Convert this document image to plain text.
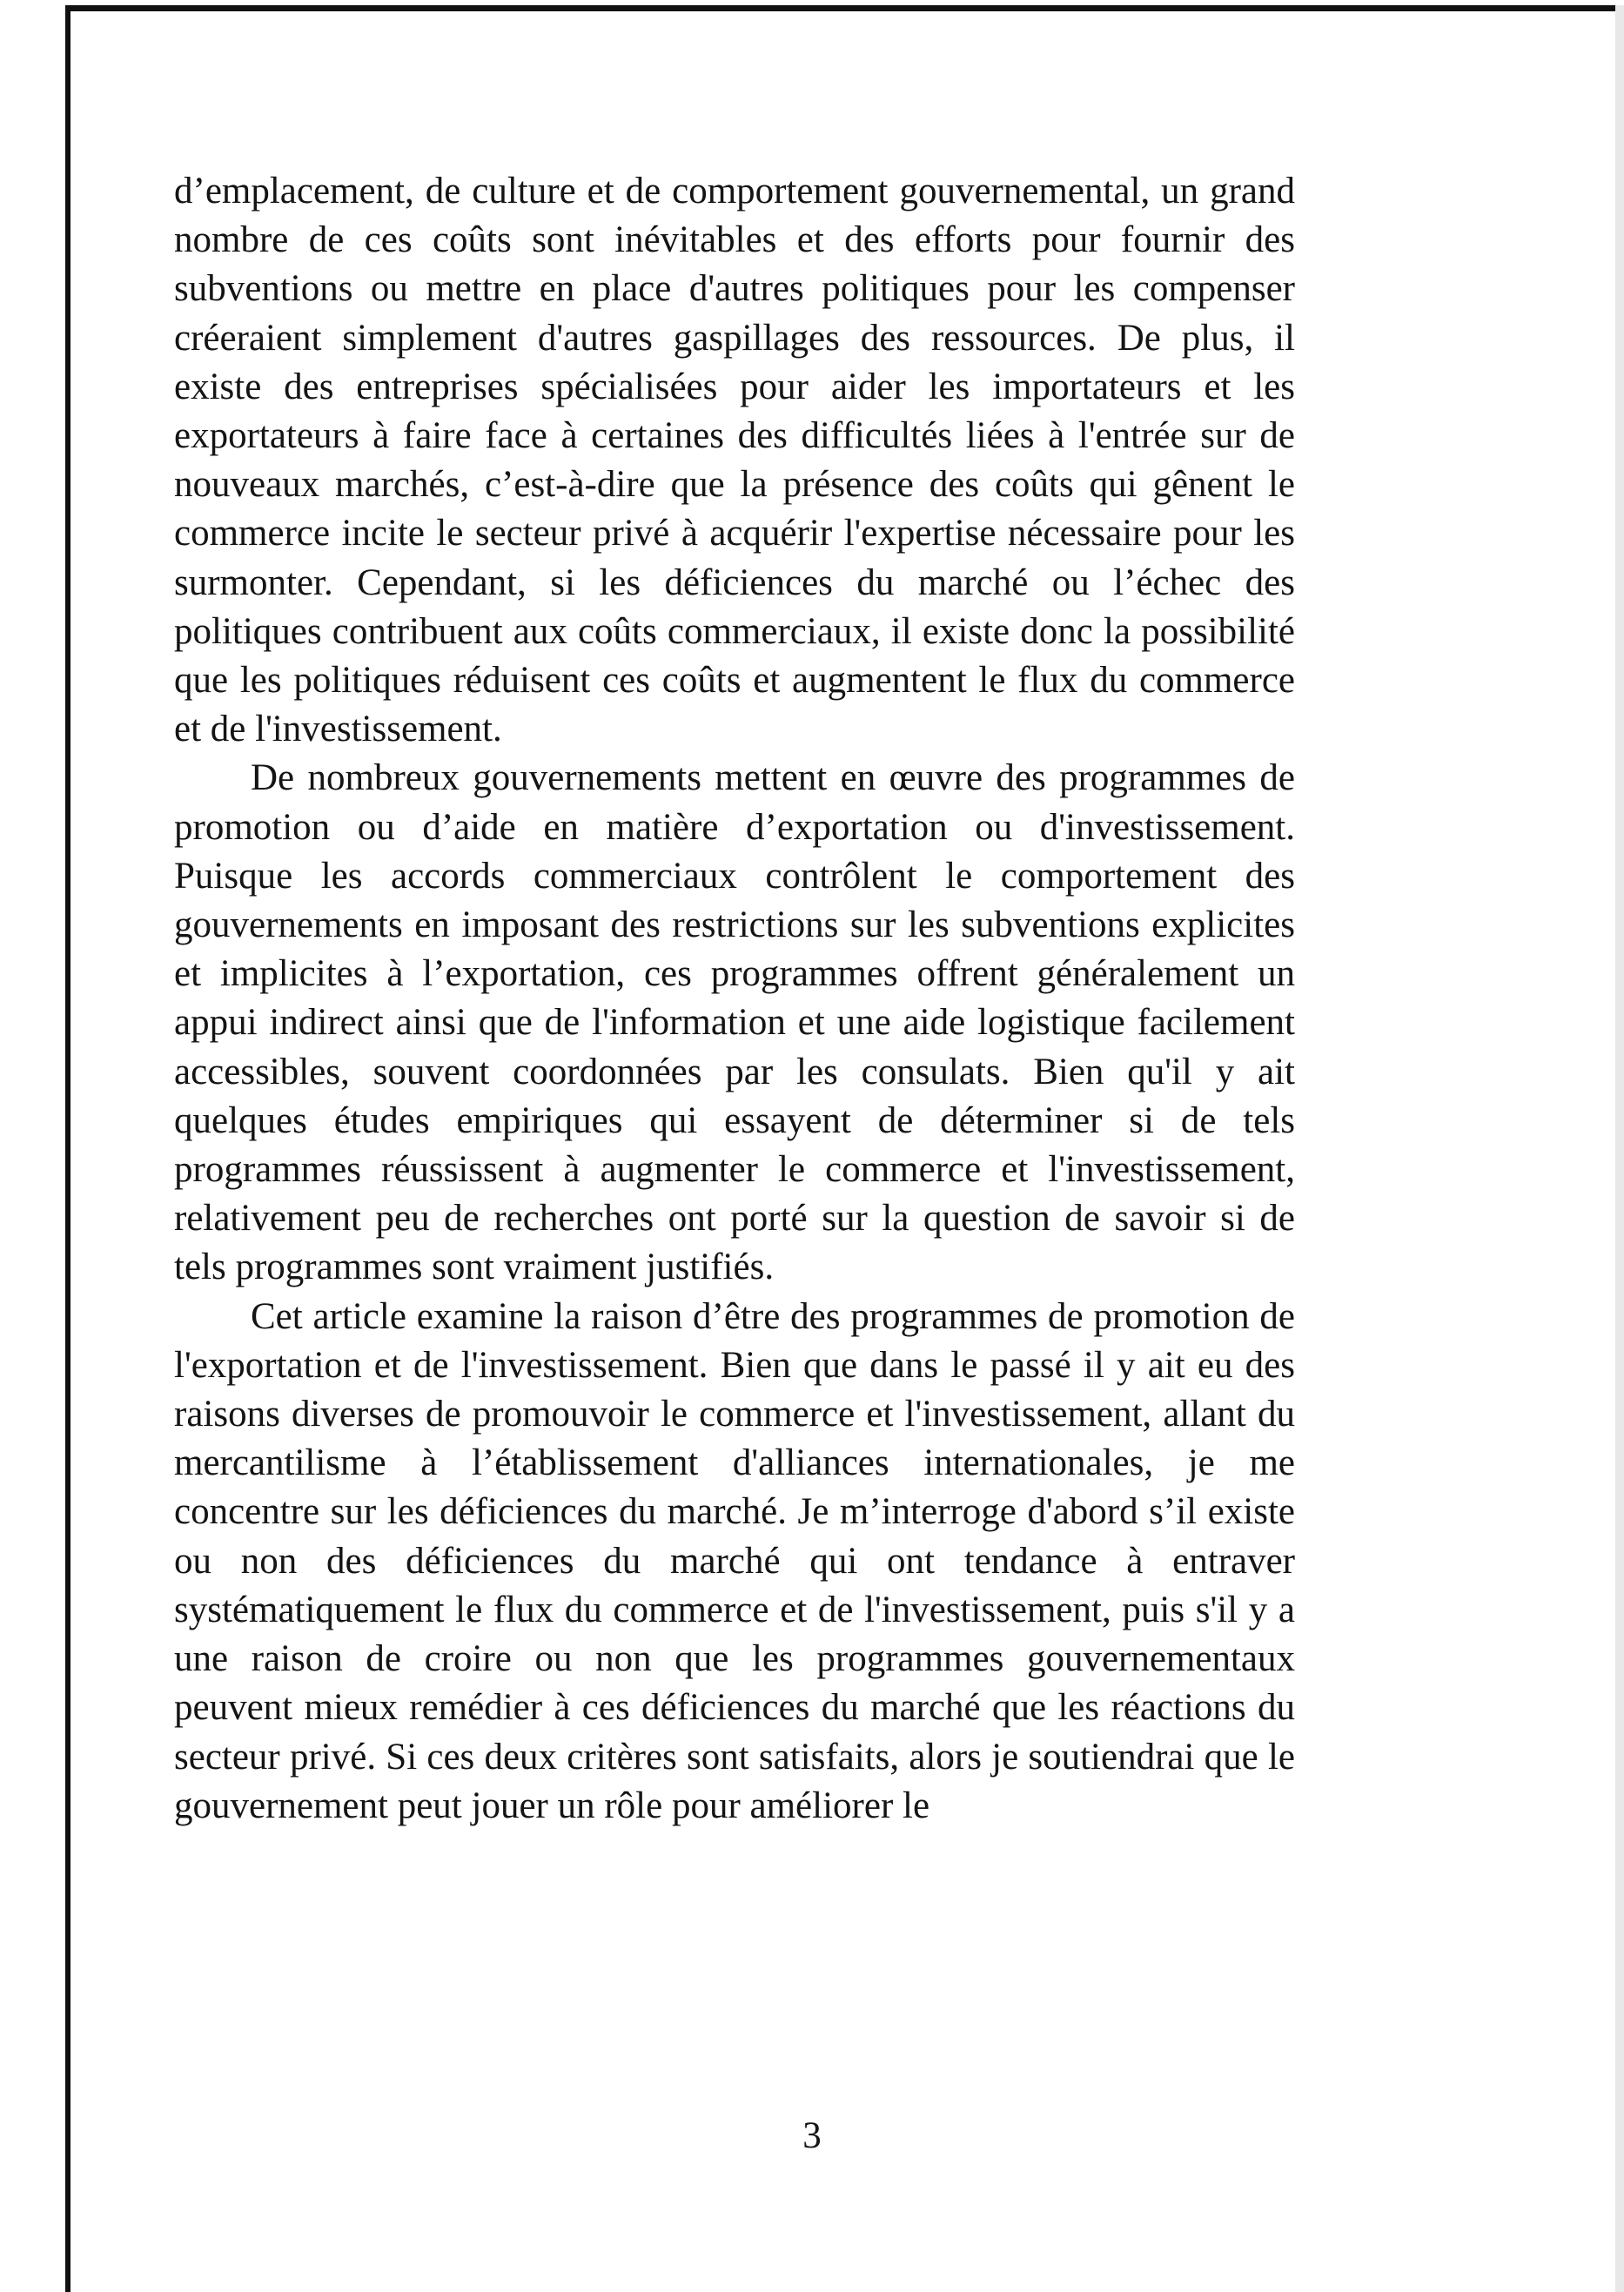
d’emplacement, de culture et de comportement gouvernemental, un grand nombre de ces coûts sont inévitables et des efforts pour fournir des subventions ou mettre en place d'autres politiques pour les compenser créeraient simplement d'autres gaspillages des ressources. De plus, il existe des entreprises spécialisées pour aider les importateurs et les exportateurs à faire face à certaines des difficultés liées à l'entrée sur de nouveaux marchés, c’est-à-dire que la présence des coûts qui gênent le commerce incite le secteur privé à acquérir l'expertise nécessaire pour les surmonter. Cependant, si les déficiences du marché ou l’échec des politiques contribuent aux coûts commerciaux, il existe donc la possibilité que les politiques réduisent ces coûts et augmentent le flux du commerce et de l'investissement.

De nombreux gouvernements mettent en œuvre des programmes de promotion ou d’aide en matière d’exportation ou d'investissement. Puisque les accords commerciaux contrôlent le comportement des gouvernements en imposant des restrictions sur les subventions explicites et implicites à l’exportation, ces programmes offrent généralement un appui indirect ainsi que de l'information et une aide logistique facilement accessibles, souvent coordonnées par les consulats. Bien qu'il y ait quelques études empiriques qui essayent de déterminer si de tels programmes réussissent à augmenter le commerce et l'investissement, relativement peu de recherches ont porté sur la question de savoir si de tels programmes sont vraiment justifiés.

Cet article examine la raison d’être des programmes de promotion de l'exportation et de l'investissement. Bien que dans le passé il y ait eu des raisons diverses de promouvoir le commerce et l'investissement, allant du mercantilisme à l’établissement d'alliances internationales, je me concentre sur les déficiences du marché. Je m’interroge d'abord s’il existe ou non des déficiences du marché qui ont tendance à entraver systématiquement le flux du commerce et de l'investissement, puis s'il y a une raison de croire ou non que les programmes gouvernementaux peuvent mieux remédier à ces déficiences du marché que les réactions du secteur privé. Si ces deux critères sont satisfaits, alors je soutiendrai que le gouvernement peut jouer un rôle pour améliorer le

3
